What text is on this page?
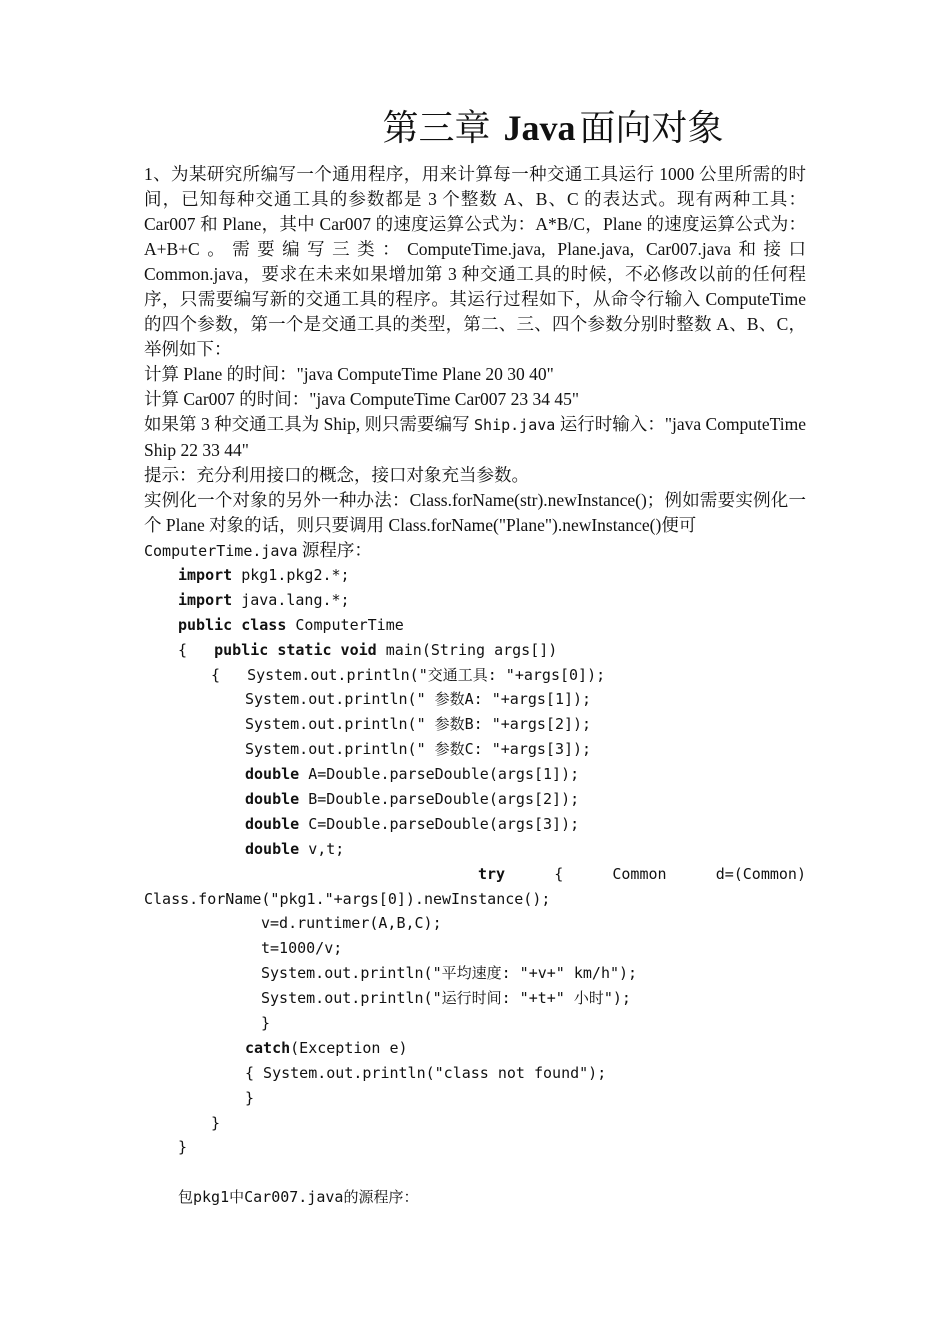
第三章 Java 面向对象

1、为某研究所编写一个通用程序，用来计算每一种交通工具运行 1000 公里所需的时间，已知每种交通工具的参数都是 3 个整数 A、B、C 的表达式。现有两种工具：Car007 和 Plane，其中 Car007 的速度运算公式为：A*B/C，Plane 的速度运算公式为：A+B+C。需要编写三类：ComputeTime.java, Plane.java, Car007.java和接口 Common.java，要求在未来如果增加第 3 种交通工具的时候，不必修改以前的任何程序，只需要编写新的交通工具的程序。其运行过程如下，从命令行输入 ComputeTime 的四个参数，第一个是交通工具的类型，第二、三、四个参数分别时整数 A、B、C，举例如下：

计算 Plane 的时间："java ComputeTime Plane 20 30 40"

计算 Car007 的时间："java ComputeTime Car007 23 34 45"

如果第 3 种交通工具为 Ship, 则只需要编写 Ship.java 运行时输入："java ComputeTime Ship 22 33 44"

提示：充分利用接口的概念，接口对象充当参数。

实例化一个对象的另外一种办法：Class.forName(str).newInstance()；例如需要实例化一个 Plane 对象的话，则只要调用 Class.forName("Plane").newInstance()便可

ComputerTime.java 源程序：

import pkg1.pkg2.*;
import java.lang.*;
public class ComputerTime
{   public static void main(String args[])
{   System.out.println("交通工具: "+args[0]);
System.out.println(" 参数A: "+args[1]);
System.out.println(" 参数B: "+args[2]);
System.out.println(" 参数C: "+args[3]);
double A=Double.parseDouble(args[1]);
double B=Double.parseDouble(args[2]);
double C=Double.parseDouble(args[3]);
double v,t;
try	{	Common	d=(Common)
Class.forName("pkg1."+args[0]).newInstance();
v=d.runtimer(A,B,C);
t=1000/v;
System.out.println("平均速度: "+v+" km/h");
System.out.println("运行时间: "+t+" 小时");
}
catch(Exception e)
{ System.out.println("class not found");
}
}
}
包pkg1中Car007.java的源程序：
